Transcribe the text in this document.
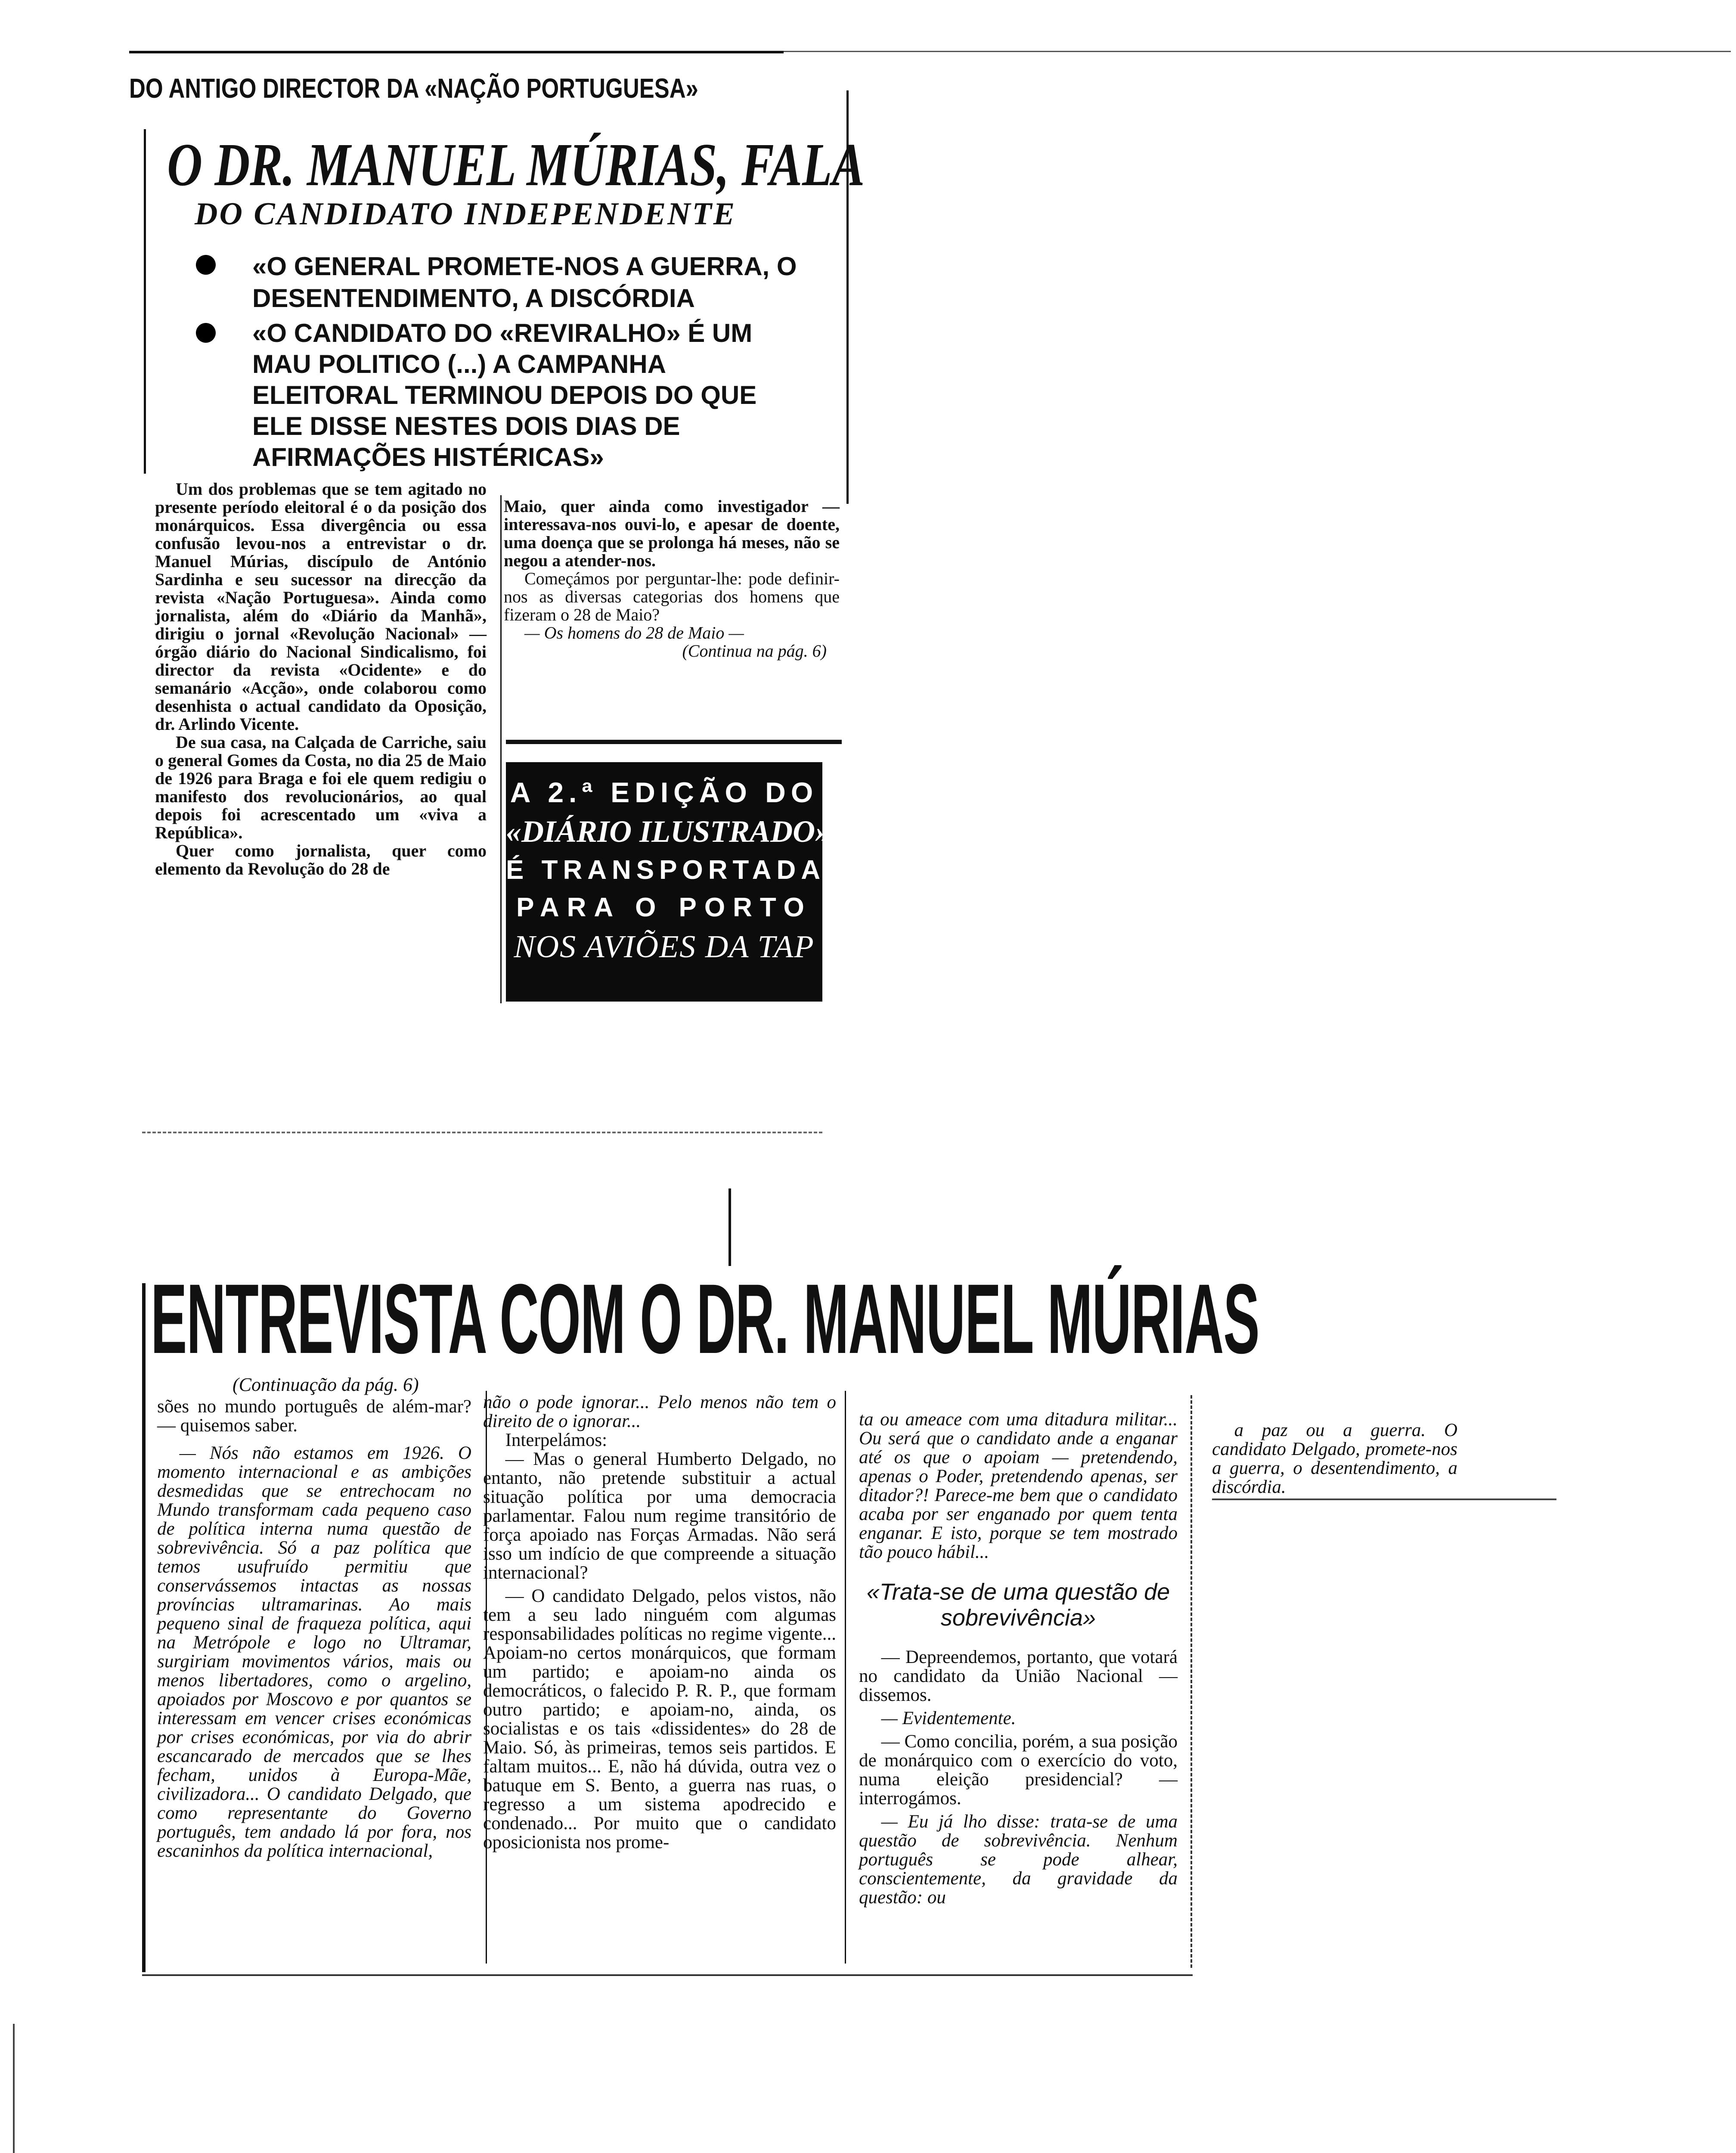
DO ANTIGO DIRECTOR DA «NAÇÃO PORTUGUESA»
O DR. MANUEL MÚRIAS, FALA
DO CANDIDATO INDEPENDENTE
«O GENERAL PROMETE-NOS A GUERRA, O DESENTENDIMENTO, A DISCÓRDIA
«O CANDIDATO DO «REVIRALHO» É UM MAU POLITICO (...) A CAMPANHA ELEITORAL TERMINOU DEPOIS DO QUE ELE DISSE NESTES DOIS DIAS DE AFIRMAÇÕES HISTÉRICAS»

Um dos problemas que se tem agitado no presente período eleitoral é o da posição dos monárquicos. Essa divergência ou essa confusão levou-nos a entrevistar o dr. Manuel Múrias, discípulo de António Sardinha e seu sucessor na direcção da revista «Nação Portuguesa». Ainda como jornalista, além do «Diário da Manhã», dirigiu o jornal «Revolução Nacional» — órgão diário do Nacional Sindicalismo, foi director da revista «Ocidente» e do semanário «Acção», onde colaborou como desenhista o actual candidato da Oposição, dr. Arlindo Vicente.

De sua casa, na Calçada de Carriche, saiu o general Gomes da Costa, no dia 25 de Maio de 1926 para Braga e foi ele quem redigiu o manifesto dos revolucionários, ao qual depois foi acrescentado um «viva a República».

Quer como jornalista, quer como elemento da Revolução do 28 de

Maio, quer ainda como investigador — interessava-nos ouvi-lo, e apesar de doente, uma doença que se prolonga há meses, não se negou a atender-nos.

Começámos por perguntar-lhe: pode definir-nos as diversas categorias dos homens que fizeram o 28 de Maio?

— Os homens do 28 de Maio —

(Continua na pág. 6)

A 2.ª EDIÇÃO DO
«DIÁRIO ILUSTRADO»
É TRANSPORTADA
PARA O PORTO
NOS AVIÕES DA TAP
ENTREVISTA COM O DR. MANUEL MÚRIAS
(Continuação da pág. 6)

sões no mundo português de além-mar? — quisemos saber.

— Nós não estamos em 1926. O momento internacional e as ambições desmedidas que se entrechocam no Mundo transformam cada pequeno caso de política interna numa questão de sobrevivência. Só a paz política que temos usufruído permitiu que conservássemos intactas as nossas províncias ultramarinas. Ao mais pequeno sinal de fraqueza política, aqui na Metrópole e logo no Ultramar, surgiriam movimentos vários, mais ou menos libertadores, como o argelino, apoiados por Moscovo e por quantos se interessam em vencer crises económicas por crises económicas, por via do abrir escancarado de mercados que se lhes fecham, unidos à Europa-Mãe, civilizadora... O candidato Delgado, que como representante do Governo português, tem andado lá por fora, nos escaninhos da política internacional,

não o pode ignorar... Pelo menos não tem o direito de o ignorar...

Interpelámos:

— Mas o general Humberto Delgado, no entanto, não pretende substituir a actual situação política por uma democracia parlamentar. Falou num regime transitório de força apoiado nas Forças Armadas. Não será isso um indício de que compreende a situação internacional?

— O candidato Delgado, pelos vistos, não tem a seu lado ninguém com algumas responsabilidades políticas no regime vigente... Apoiam-no certos monárquicos, que formam um partido; e apoiam-no ainda os democráticos, o falecido P. R. P., que formam outro partido; e apoiam-no, ainda, os socialistas e os tais «dissidentes» do 28 de Maio. Só, às primeiras, temos seis partidos. E faltam muitos... E, não há dúvida, outra vez o batuque em S. Bento, a guerra nas ruas, o regresso a um sistema apodrecido e condenado... Por muito que o candidato oposicionista nos prome-

ta ou ameace com uma ditadura militar... Ou será que o candidato ande a enganar até os que o apoiam — pretendendo, apenas o Poder, pretendendo apenas, ser ditador?! Parece-me bem que o candidato acaba por ser enganado por quem tenta enganar. E isto, porque se tem mostrado tão pouco hábil...

«Trata-se de uma questão de sobrevivência»

— Depreendemos, portanto, que votará no candidato da União Nacional — dissemos.

— Evidentemente.

— Como concilia, porém, a sua posição de monárquico com o exercício do voto, numa eleição presidencial? — interrogámos.

— Eu já lho disse: trata-se de uma questão de sobrevivência. Nenhum português se pode alhear, conscientemente, da gravidade da questão: ou

a paz ou a guerra. O candidato Delgado, promete-nos a guerra, o desentendimento, a discórdia.
